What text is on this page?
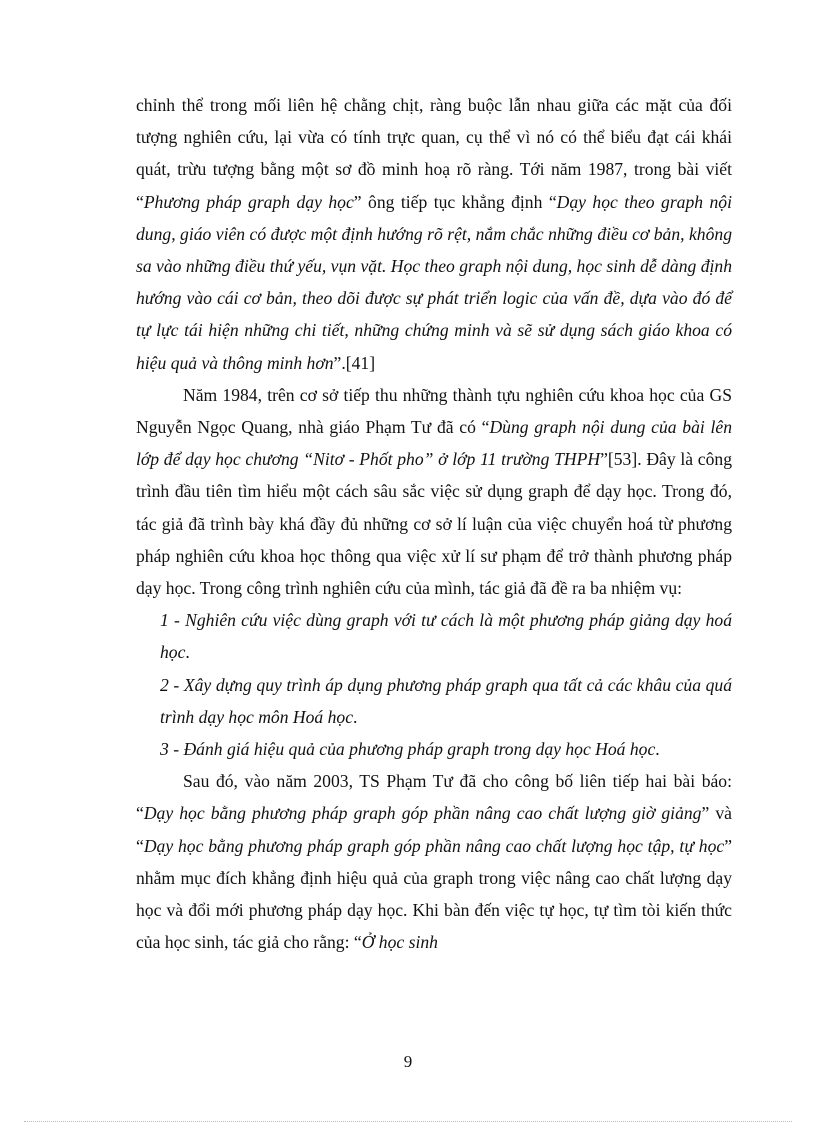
chỉnh thể trong mối liên hệ chằng chịt, ràng buộc lẫn nhau giữa các mặt của đối tượng nghiên cứu, lại vừa có tính trực quan, cụ thể vì nó có thể biểu đạt cái khái quát, trừu tượng bằng một sơ đồ minh hoạ rõ ràng. Tới năm 1987, trong bài viết “Phương pháp graph dạy học” ông tiếp tục khẳng định “Dạy học theo graph nội dung, giáo viên có được một định hướng rõ rệt, nắm chắc những điều cơ bản, không sa vào những điều thứ yếu, vụn vặt. Học theo graph nội dung, học sinh dễ dàng định hướng vào cái cơ bản, theo dõi được sự phát triển logic của vấn đề, dựa vào đó để tự lực tái hiện những chi tiết, những chứng minh và sẽ sử dụng sách giáo khoa có hiệu quả và thông minh hơn”.[41]

Năm 1984, trên cơ sở tiếp thu những thành tựu nghiên cứu khoa học của GS Nguyễn Ngọc Quang, nhà giáo Phạm Tư đã có “Dùng graph nội dung của bài lên lớp để dạy học chương “Nitơ - Phốt pho” ở lớp 11 trường THPH”[53]. Đây là công trình đầu tiên tìm hiểu một cách sâu sắc việc sử dụng graph để dạy học. Trong đó, tác giả đã trình bày khá đầy đủ những cơ sở lí luận của việc chuyển hoá từ phương pháp nghiên cứu khoa học thông qua việc xử lí sư phạm để trở thành phương pháp dạy học. Trong công trình nghiên cứu của mình, tác giả đã đề ra ba nhiệm vụ:

1 - Nghiên cứu việc dùng graph với tư cách là một phương pháp giảng dạy hoá học.

2 - Xây dựng quy trình áp dụng phương pháp graph qua tất cả các khâu của quá trình dạy học môn Hoá học.

3 - Đánh giá hiệu quả của phương pháp graph trong dạy học Hoá học.

Sau đó, vào năm 2003, TS Phạm Tư đã cho công bố liên tiếp hai bài báo: “Dạy học bằng phương pháp graph góp phần nâng cao chất lượng giờ giảng” và “Dạy học bằng phương pháp graph góp phần nâng cao chất lượng học tập, tự học” nhằm mục đích khẳng định hiệu quả của graph trong việc nâng cao chất lượng dạy học và đổi mới phương pháp dạy học. Khi bàn đến việc tự học, tự tìm tòi kiến thức của học sinh, tác giả cho rằng: “Ở học sinh

9
